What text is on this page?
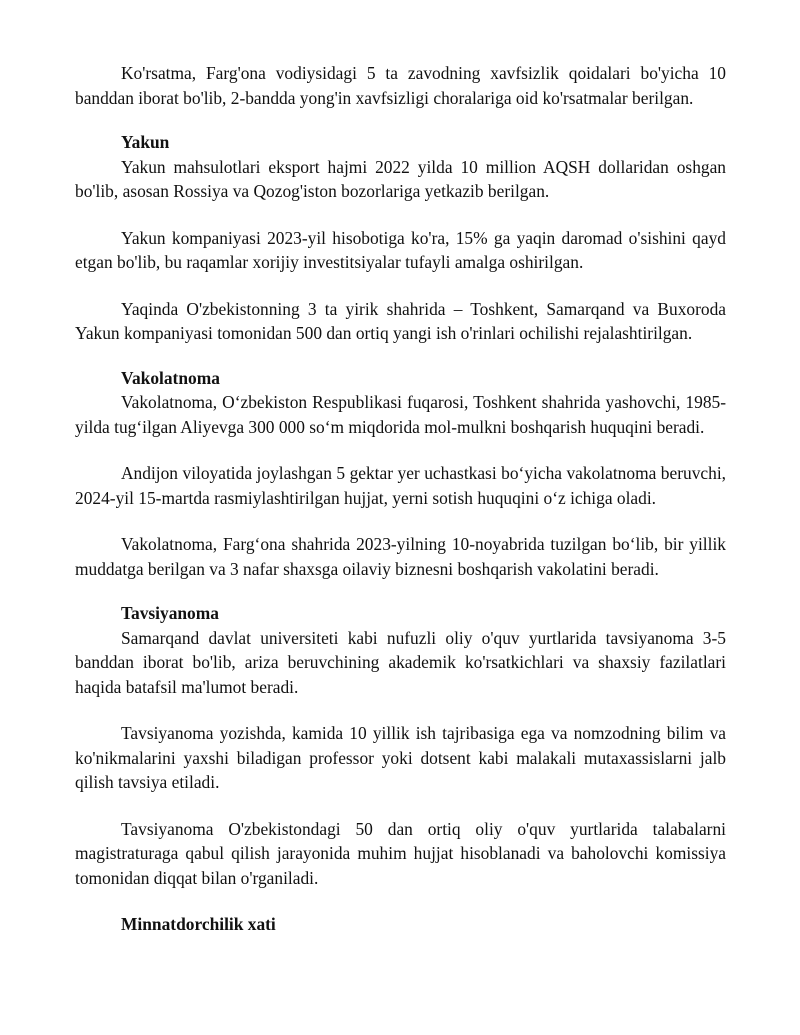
Ko'rsatma, Farg'ona vodiysidagi 5 ta zavodning xavfsizlik qoidalari bo'yicha 10 banddan iborat bo'lib, 2-bandda yong'in xavfsizligi choralariga oid ko'rsatmalar berilgan.

Yakun

Yakun mahsulotlari eksport hajmi 2022 yilda 10 million AQSH dollaridan oshgan bo'lib, asosan Rossiya va Qozog'iston bozorlariga yetkazib berilgan.

Yakun kompaniyasi 2023-yil hisobotiga ko'ra, 15% ga yaqin daromad o'sishini qayd etgan bo'lib, bu raqamlar xorijiy investitsiyalar tufayli amalga oshirilgan.

Yaqinda O'zbekistonning 3 ta yirik shahrida – Toshkent, Samarqand va Buxoroda Yakun kompaniyasi tomonidan 500 dan ortiq yangi ish o'rinlari ochilishi rejalashtirilgan.

Vakolatnoma

Vakolatnoma, O‘zbekiston Respublikasi fuqarosi, Toshkent shahrida yashovchi, 1985-yilda tug‘ilgan Aliyevga 300 000 so‘m miqdorida mol-mulkni boshqarish huquqini beradi.

Andijon viloyatida joylashgan 5 gektar yer uchastkasi bo‘yicha vakolatnoma beruvchi, 2024-yil 15-martda rasmiylashtirilgan hujjat, yerni sotish huquqini o‘z ichiga oladi.

Vakolatnoma, Farg‘ona shahrida 2023-yilning 10-noyabrida tuzilgan bo‘lib, bir yillik muddatga berilgan va 3 nafar shaxsga oilaviy biznesni boshqarish vakolatini beradi.

Tavsiyanoma

Samarqand davlat universiteti kabi nufuzli oliy o'quv yurtlarida tavsiyanoma 3-5 banddan iborat bo'lib, ariza beruvchining akademik ko'rsatkichlari va shaxsiy fazilatlari haqida batafsil ma'lumot beradi.

Tavsiyanoma yozishda, kamida 10 yillik ish tajribasiga ega va nomzodning bilim va ko'nikmalarini yaxshi biladigan professor yoki dotsent kabi malakali mutaxassislarni jalb qilish tavsiya etiladi.

Tavsiyanoma O'zbekistondagi 50 dan ortiq oliy o'quv yurtlarida talabalarni magistraturaga qabul qilish jarayonida muhim hujjat hisoblanadi va baholovchi komissiya tomonidan diqqat bilan o'rganiladi.

Minnatdorchilik xati
